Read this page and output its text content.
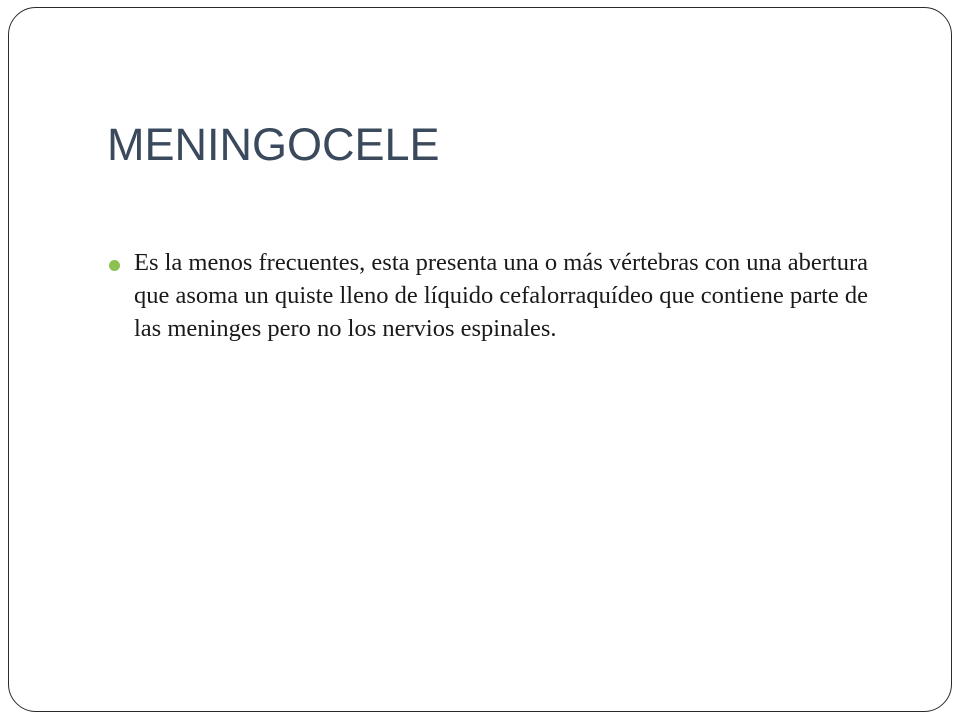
MENINGOCELE
Es la menos frecuentes, esta presenta una o más vértebras con una abertura que asoma un quiste lleno de líquido cefalorraquídeo que contiene parte de las meninges pero no los nervios espinales.
